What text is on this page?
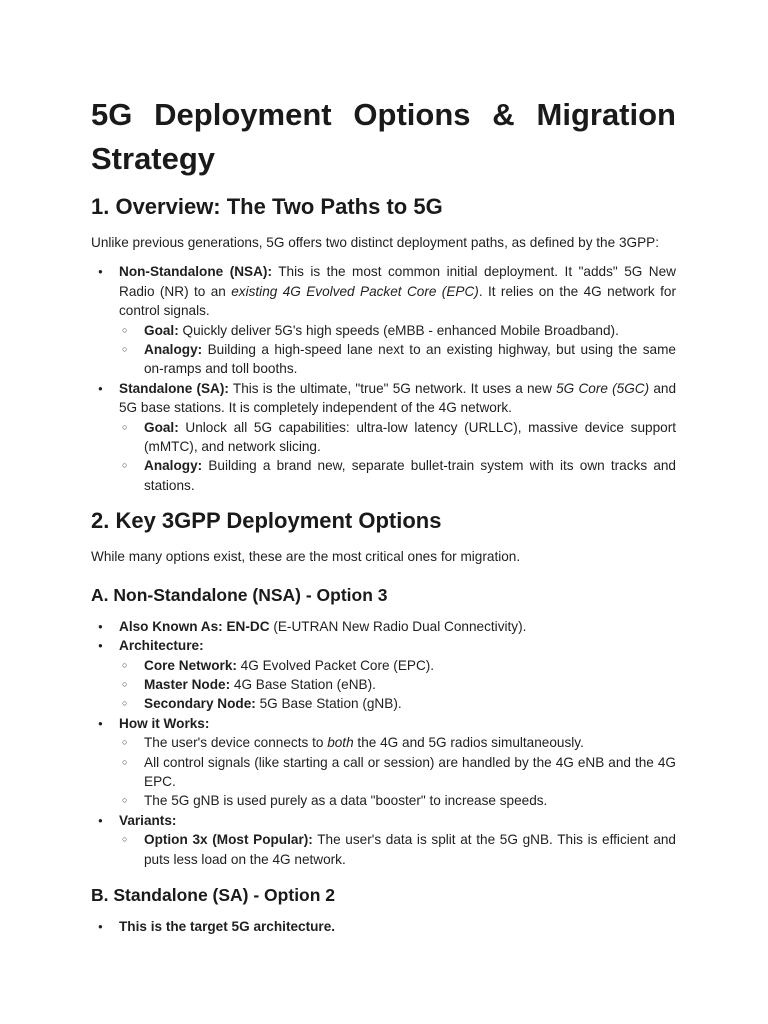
5G Deployment Options & Migration Strategy
1. Overview: The Two Paths to 5G

Unlike previous generations, 5G offers two distinct deployment paths, as defined by the 3GPP:

● Non-Standalone (NSA): This is the most common initial deployment. It "adds" 5G New Radio (NR) to an existing 4G Evolved Packet Core (EPC). It relies on the 4G network for control signals.
○ Goal: Quickly deliver 5G's high speeds (eMBB - enhanced Mobile Broadband).
○ Analogy: Building a high-speed lane next to an existing highway, but using the same on-ramps and toll booths.
● Standalone (SA): This is the ultimate, "true" 5G network. It uses a new 5G Core (5GC) and 5G base stations. It is completely independent of the 4G network.
○ Goal: Unlock all 5G capabilities: ultra-low latency (URLLC), massive device support (mMTC), and network slicing.
○ Analogy: Building a brand new, separate bullet-train system with its own tracks and stations.
2. Key 3GPP Deployment Options

While many options exist, these are the most critical ones for migration.

A. Non-Standalone (NSA) - Option 3
● Also Known As: EN-DC (E-UTRAN New Radio Dual Connectivity).
● Architecture:
○ Core Network: 4G Evolved Packet Core (EPC).
○ Master Node: 4G Base Station (eNB).
○ Secondary Node: 5G Base Station (gNB).
● How it Works:
○ The user's device connects to both the 4G and 5G radios simultaneously.
○ All control signals (like starting a call or session) are handled by the 4G eNB and the 4G EPC.
○ The 5G gNB is used purely as a data "booster" to increase speeds.
● Variants:
○ Option 3x (Most Popular): The user's data is split at the 5G gNB. This is efficient and puts less load on the 4G network.
B. Standalone (SA) - Option 2
● This is the target 5G architecture.
